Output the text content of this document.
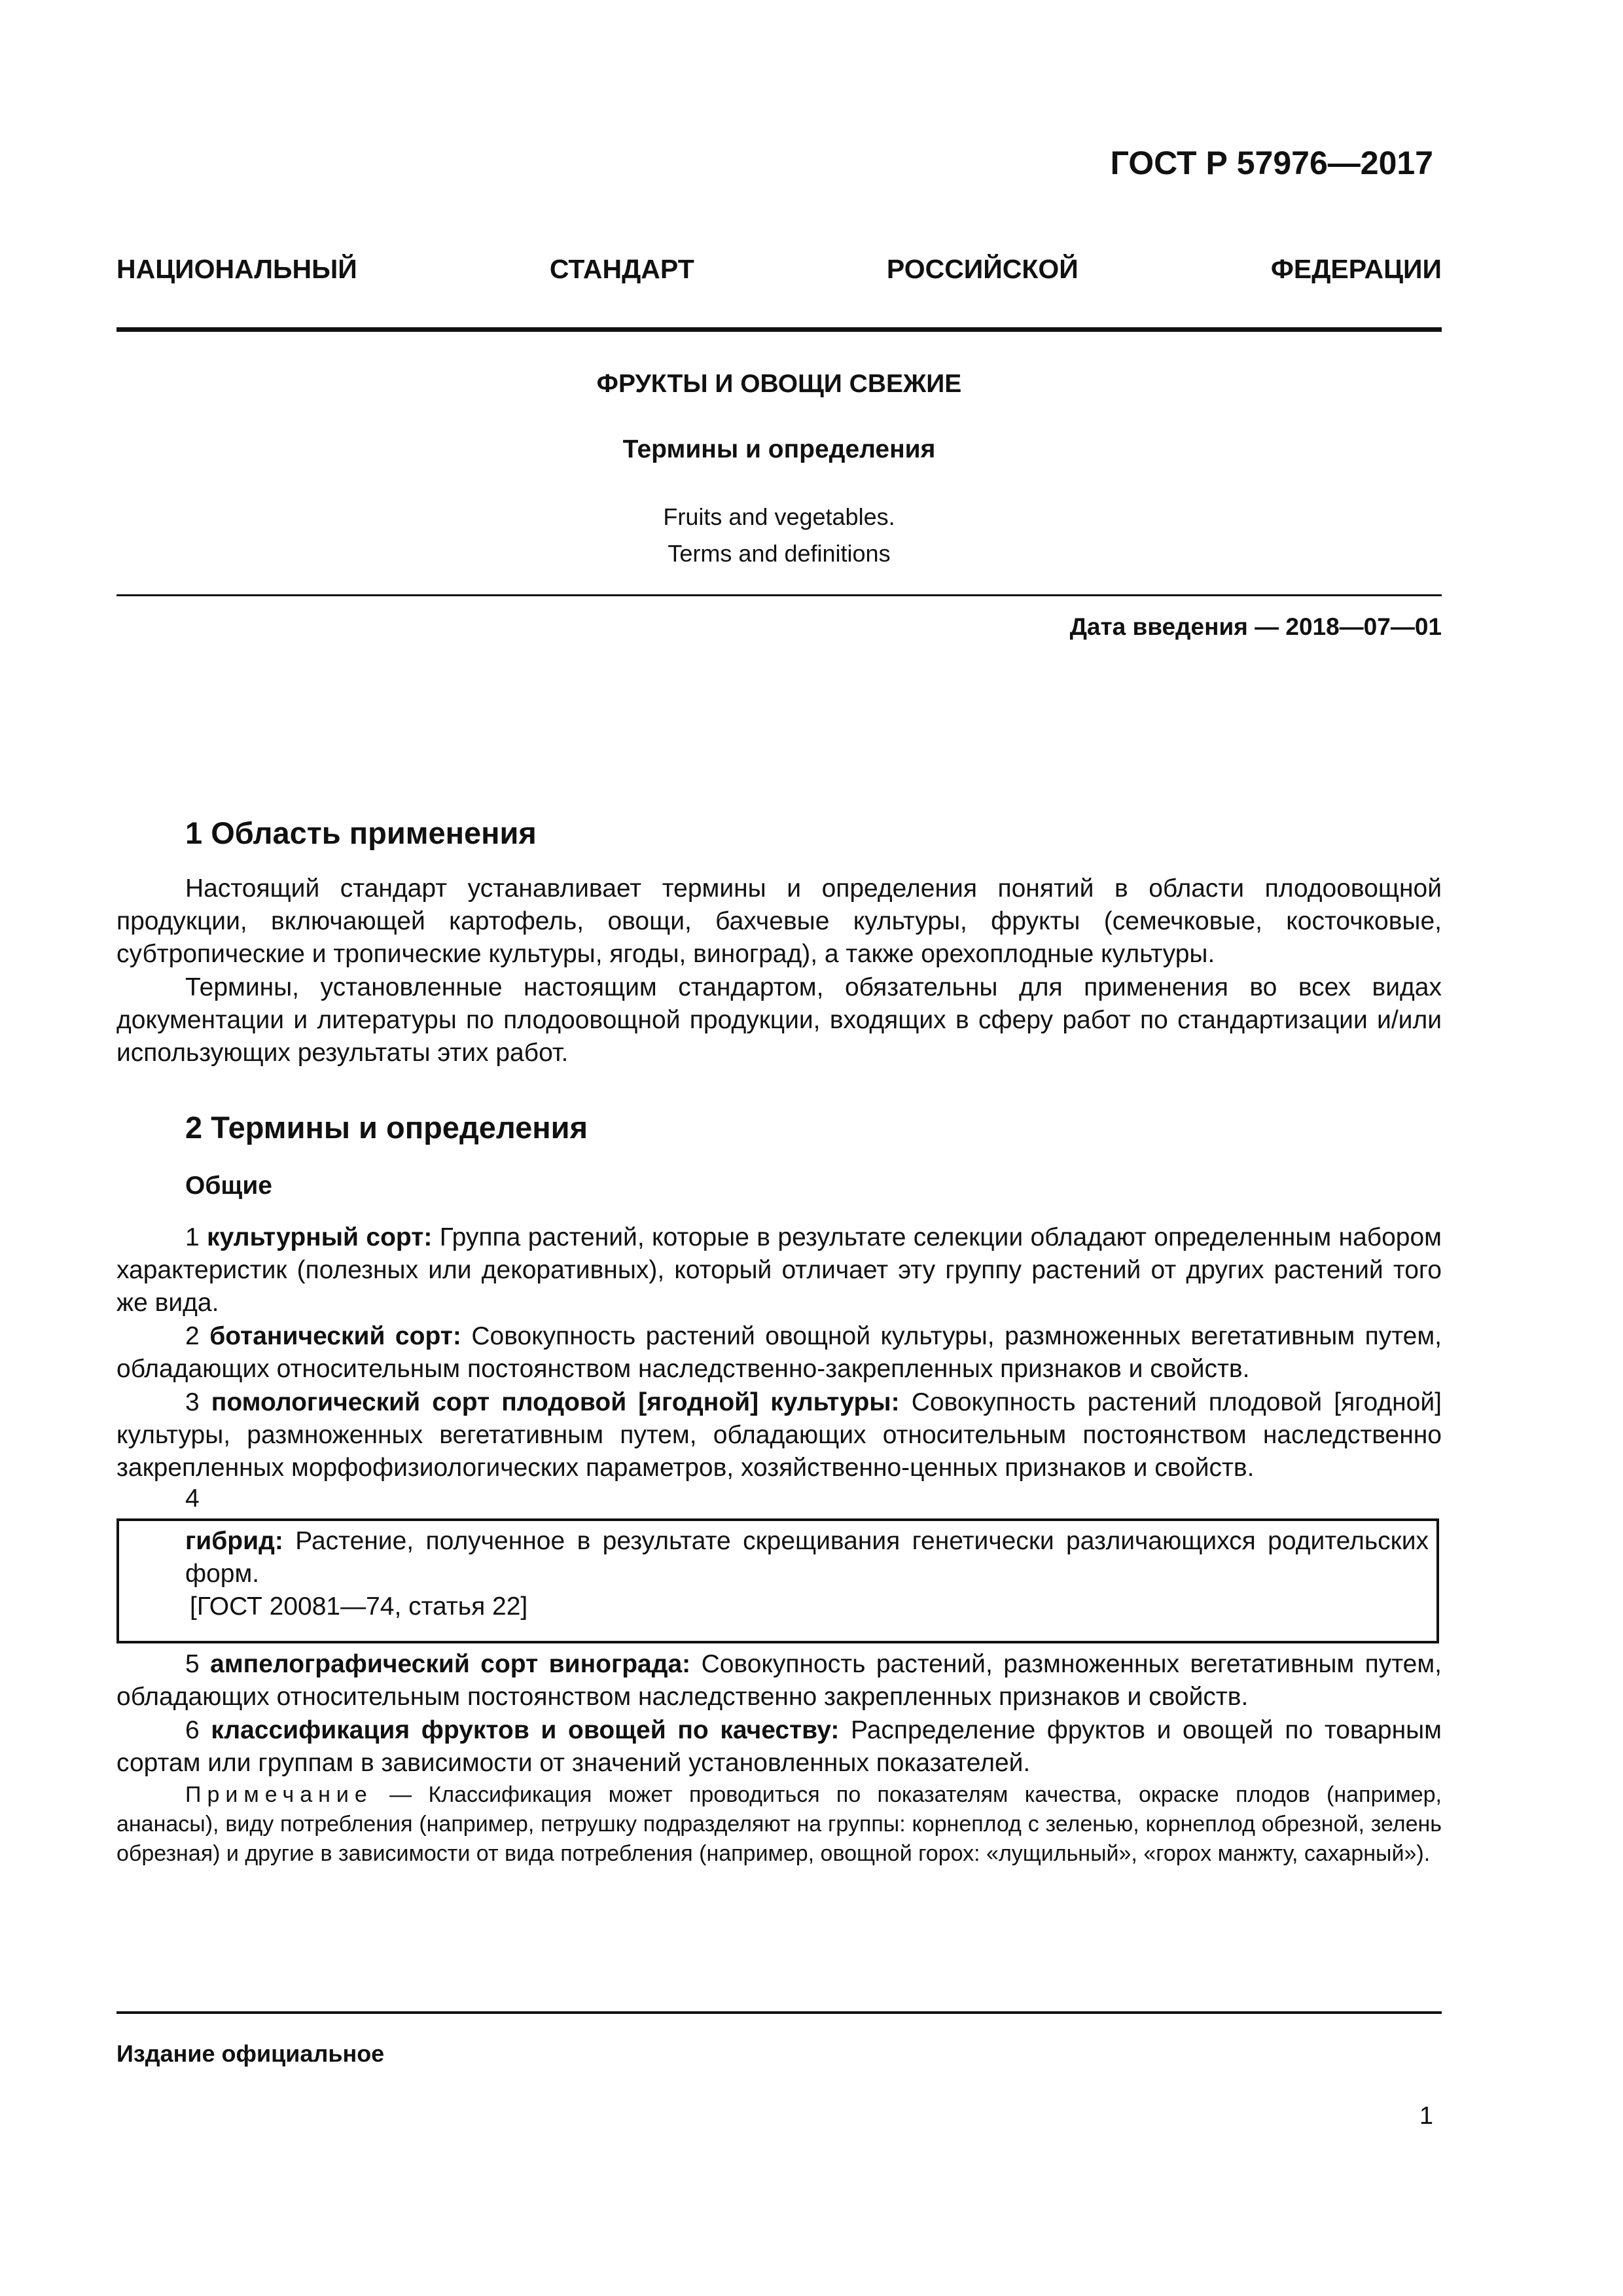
ГОСТ Р 57976—2017
НАЦИОНАЛЬНЫЙ СТАНДАРТ РОССИЙСКОЙ ФЕДЕРАЦИИ
ФРУКТЫ И ОВОЩИ СВЕЖИЕ
Термины и определения
Fruits and vegetables.
Terms and definitions
Дата введения — 2018—07—01
1 Область применения

Настоящий стандарт устанавливает термины и определения понятий в области плодоовощной продукции, включающей картофель, овощи, бахчевые культуры, фрукты (семечковые, косточковые, субтропические и тропические культуры, ягоды, виноград), а также орехоплодные культуры.

Термины, установленные настоящим стандартом, обязательны для применения во всех видах документации и литературы по плодоовощной продукции, входящих в сферу работ по стандартизации и/или использующих результаты этих работ.

2 Термины и определения
Общие

1 культурный сорт: Группа растений, которые в результате селекции обладают определенным набором характеристик (полезных или декоративных), который отличает эту группу растений от других растений того же вида.

2 ботанический сорт: Совокупность растений овощной культуры, размноженных вегетативным путем, обладающих относительным постоянством наследственно-закрепленных признаков и свойств.

3 помологический сорт плодовой [ягодной] культуры: Совокупность растений плодовой [ягодной] культуры, размноженных вегетативным путем, обладающих относительным постоянством наследственно закрепленных морфофизиологических параметров, хозяйственно-ценных признаков и свойств.

4

гибрид: Растение, полученное в результате скрещивания генетически различающихся родительских форм.

[ГОСТ 20081—74, статья 22]

5 ампелографический сорт винограда: Совокупность растений, размноженных вегетативным путем, обладающих относительным постоянством наследственно закрепленных признаков и свойств.

6 классификация фруктов и овощей по качеству: Распределение фруктов и овощей по товарным сортам или группам в зависимости от значений установленных показателей.

Примечание — Классификация может проводиться по показателям качества, окраске плодов (например, ананасы), виду потребления (например, петрушку подразделяют на группы: корнеплод с зеленью, корнеплод обрезной, зелень обрезная) и другие в зависимости от вида потребления (например, овощной горох: «лущильный», «горох манжту, сахарный»).

Издание официальное
1
